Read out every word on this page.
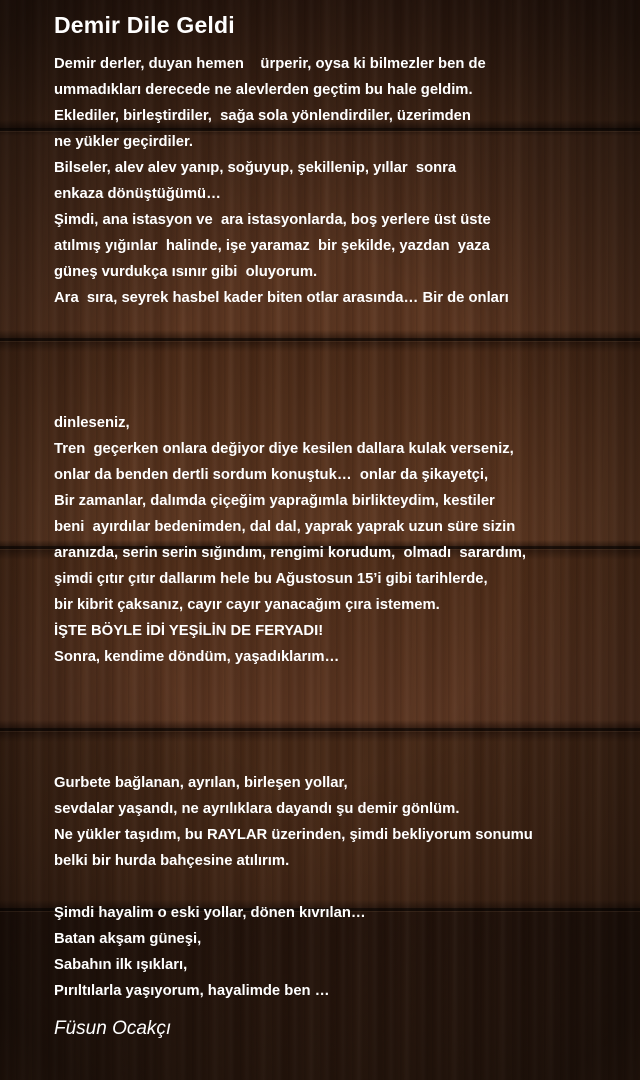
Demir Dile Geldi
Demir derler, duyan hemen    ürperir, oysa ki bilmezler ben de
ummadıkları derecede ne alevlerden geçtim bu hale geldim.
Eklediler, birleştirdiler,  sağa sola yönlendirdiler, üzerimden
ne yükler geçirdiler.
Bilseler, alev alev yanıp, soğuyup, şekillenip, yıllar  sonra
enkaza dönüştüğümü…
Şimdi, ana istasyon ve  ara istasyonlarda, boş yerlere üst üste
atılmış yığınlar  halinde, işe yaramaz  bir şekilde, yazdan  yaza
güneş vurdukça ısınır gibi  oluyorum.
Ara  sıra, seyrek hasbel kader biten otlar arasında… Bir de onları
dinleseniz,
Tren  geçerken onlara değiyor diye kesilen dallara kulak verseniz,
onlar da benden dertli sordum konuştuk…  onlar da şikayetçi,
Bir zamanlar, dalımda çiçeğim yaprağımla birlikteydim, kestiler
beni  ayırdılar bedenimden, dal dal, yaprak yaprak uzun süre sizin
aranızda, serin serin sığındım, rengimi korudum,  olmadı  sarardım,
şimdi çıtır çıtır dallarım hele bu Ağustosun 15’i gibi tarihlerde,
bir kibrit çaksanız, cayır cayır yanacağım çıra istemem.
İŞTE BÖYLE İDİ YEŞİLİN DE FERYADI!
Sonra, kendime döndüm, yaşadıklarım…
Gurbete bağlanan, ayrılan, birleşen yollar,
sevdalar yaşandı, ne ayrılıklara dayandı şu demir gönlüm.
Ne yükler taşıdım, bu RAYLAR üzerinden, şimdi bekliyorum sonumu
belki bir hurda bahçesine atılırım.
Şimdi hayalim o eski yollar, dönen kıvrılan…
Batan akşam güneşi,
Sabahın ilk ışıkları,
Pırıltılarla yaşıyorum, hayalimde ben …
Füsun Ocakçı
